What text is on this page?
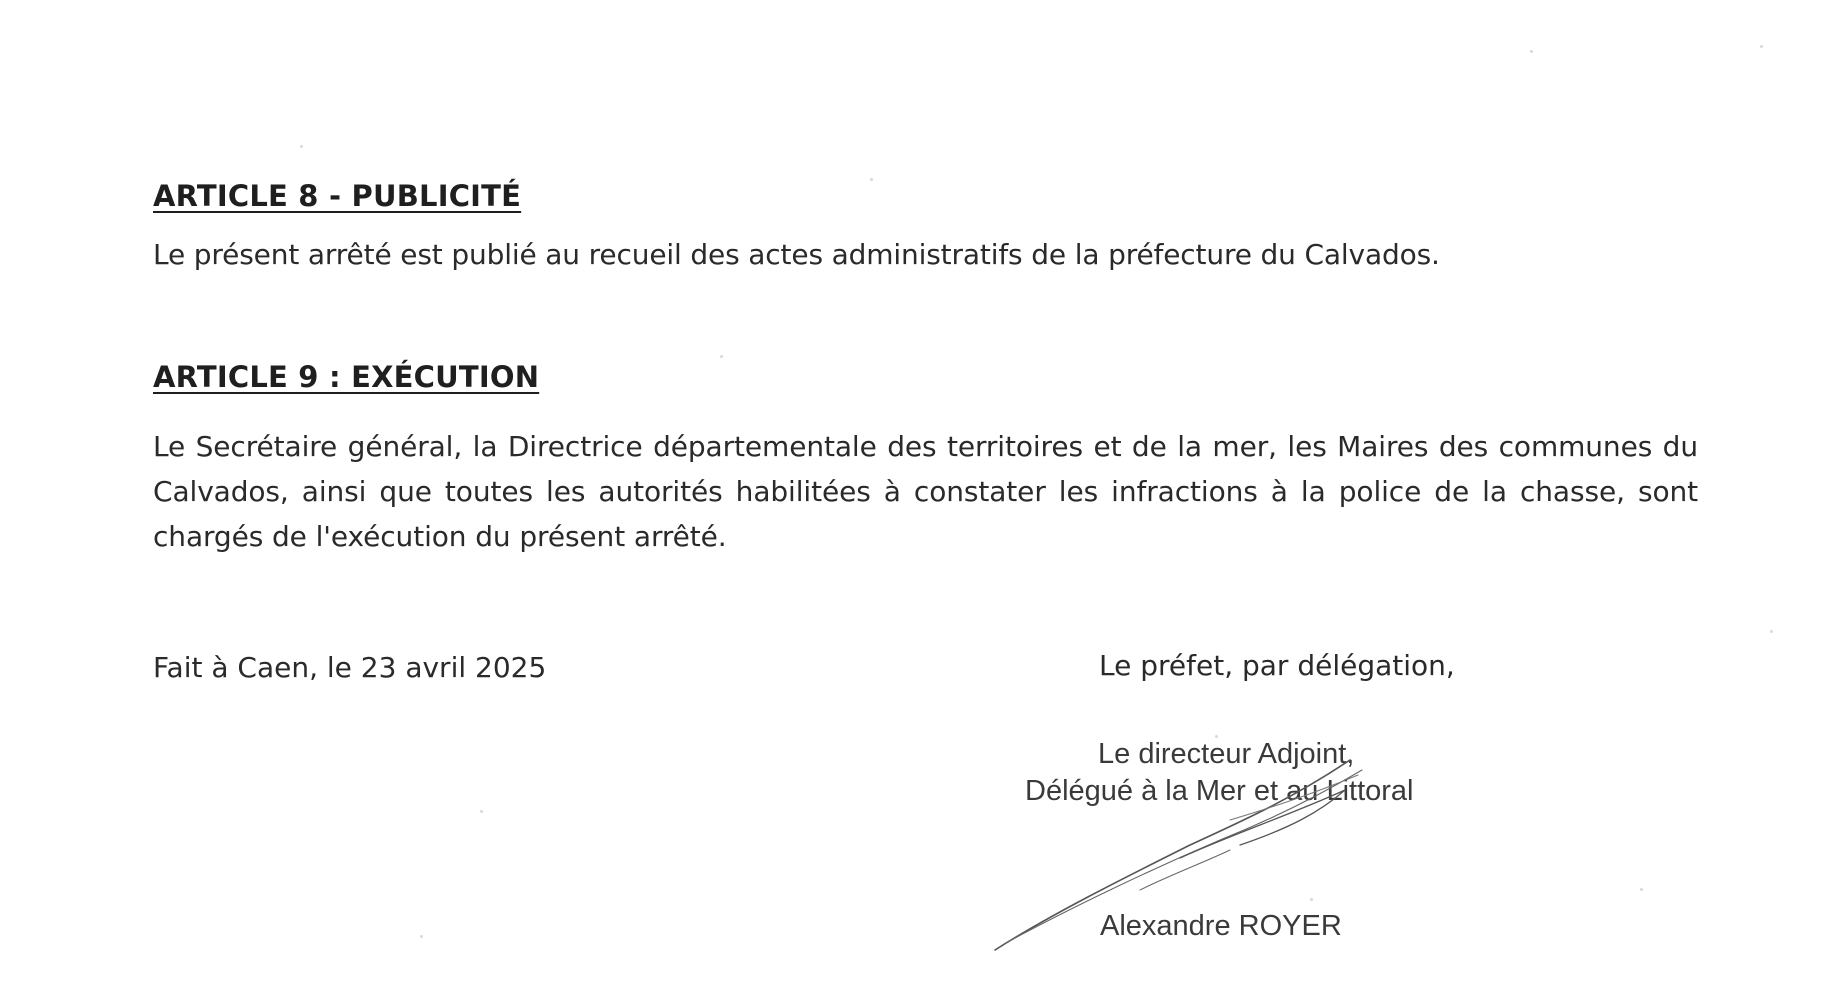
ARTICLE 8 - PUBLICITÉ

Le présent arrêté est publié au recueil des actes administratifs de la préfecture du Calvados.

ARTICLE 9 : EXÉCUTION

Le Secrétaire général, la Directrice départementale des territoires et de la mer, les Maires des communes du Calvados, ainsi que toutes les autorités habilitées à constater les infractions à la police de la chasse, sont chargés de l'exécution du présent arrêté.

Fait à Caen, le 23 avril 2025	Le préfet, par délégation,

Le directeur Adjoint,

Délégué à la Mer et au Littoral

Alexandre ROYER
